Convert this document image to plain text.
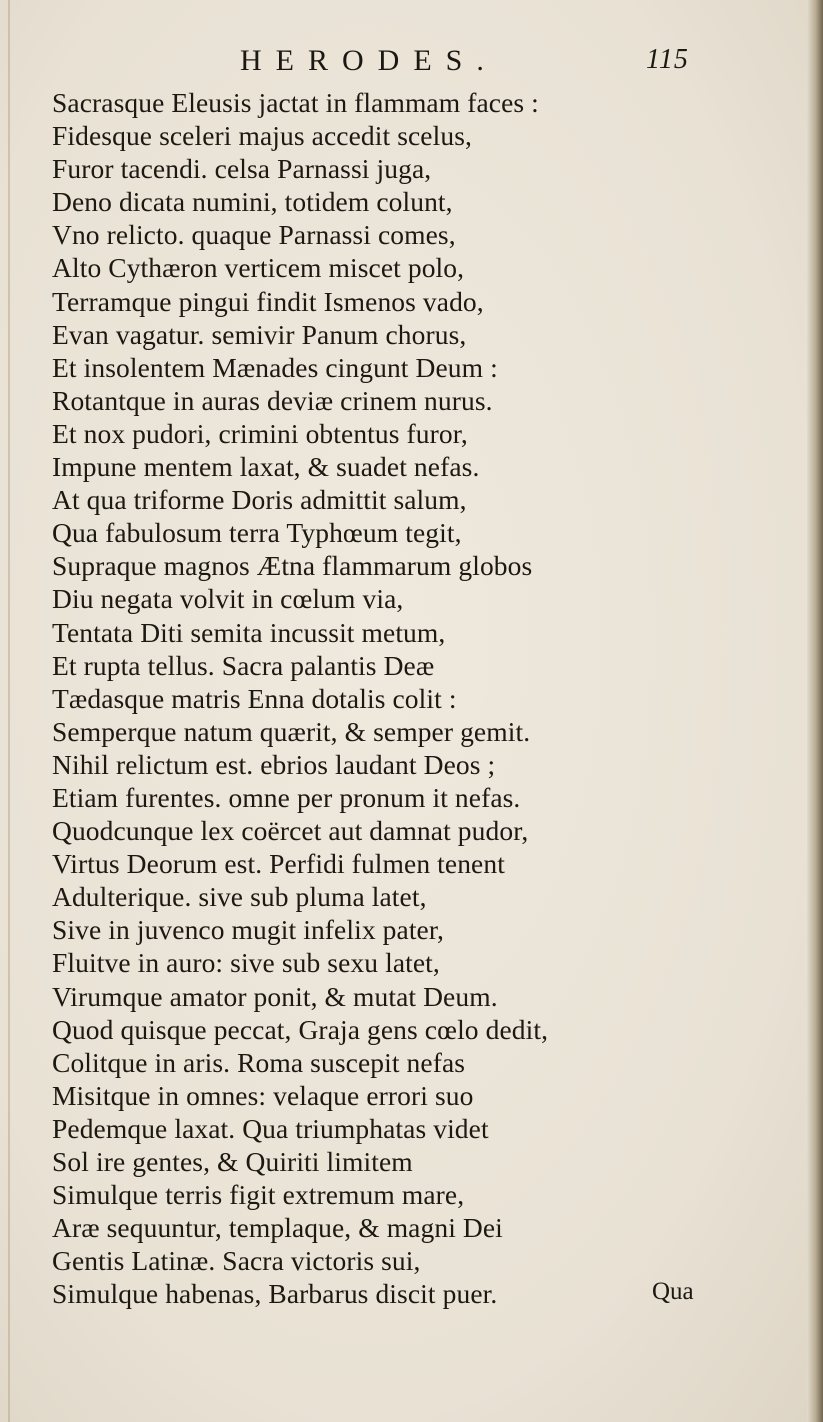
HERODES.	115
Sacrasque Eleusis jactat in flammam faces :
Fidesque sceleri majus accedit scelus,
Furor tacendi. celsa Parnassi juga,
Deno dicata numini, totidem colunt,
Vno relicto. quaque Parnassi comes,
Alto Cythæron verticem miscet polo,
Terramque pingui findit Ismenos vado,
Evan vagatur. semivir Panum chorus,
Et insolentem Mænades cingunt Deum :
Rotantque in auras deviæ crinem nurus.
Et nox pudori, crimini obtentus furor,
Impune mentem laxat, & suadet nefas.
At qua triforme Doris admittit salum,
Qua fabulosum terra Typhœum tegit,
Supraque magnos Ætna flammarum globos
Diu negata volvit in cœlum via,
Tentata Diti semita incussit metum,
Et rupta tellus. Sacra palantis Deæ
Tædasque matris Enna dotalis colit :
Semperque natum quærit, & semper gemit.
Nihil relictum est. ebrios laudant Deos ;
Etiam furentes. omne per pronum it nefas.
Quodcunque lex coërcet aut damnat pudor,
Virtus Deorum est. Perfidi fulmen tenent
Adulterique. sive sub pluma latet,
Sive in juvenco mugit infelix pater,
Fluitve in auro: sive sub sexu latet,
Virumque amator ponit, & mutat Deum.
Quod quisque peccat, Graja gens cœlo dedit,
Colitque in aris. Roma suscepit nefas
Misitque in omnes: velaque errori suo
Pedemque laxat. Qua triumphatas videt
Sol ire gentes, & Quiriti limitem
Simulque terris figit extremum mare,
Aræ sequuntur, templaque, & magni Dei
Gentis Latinæ. Sacra victoris sui,
Simulque habenas, Barbarus discit puer.	Qua
